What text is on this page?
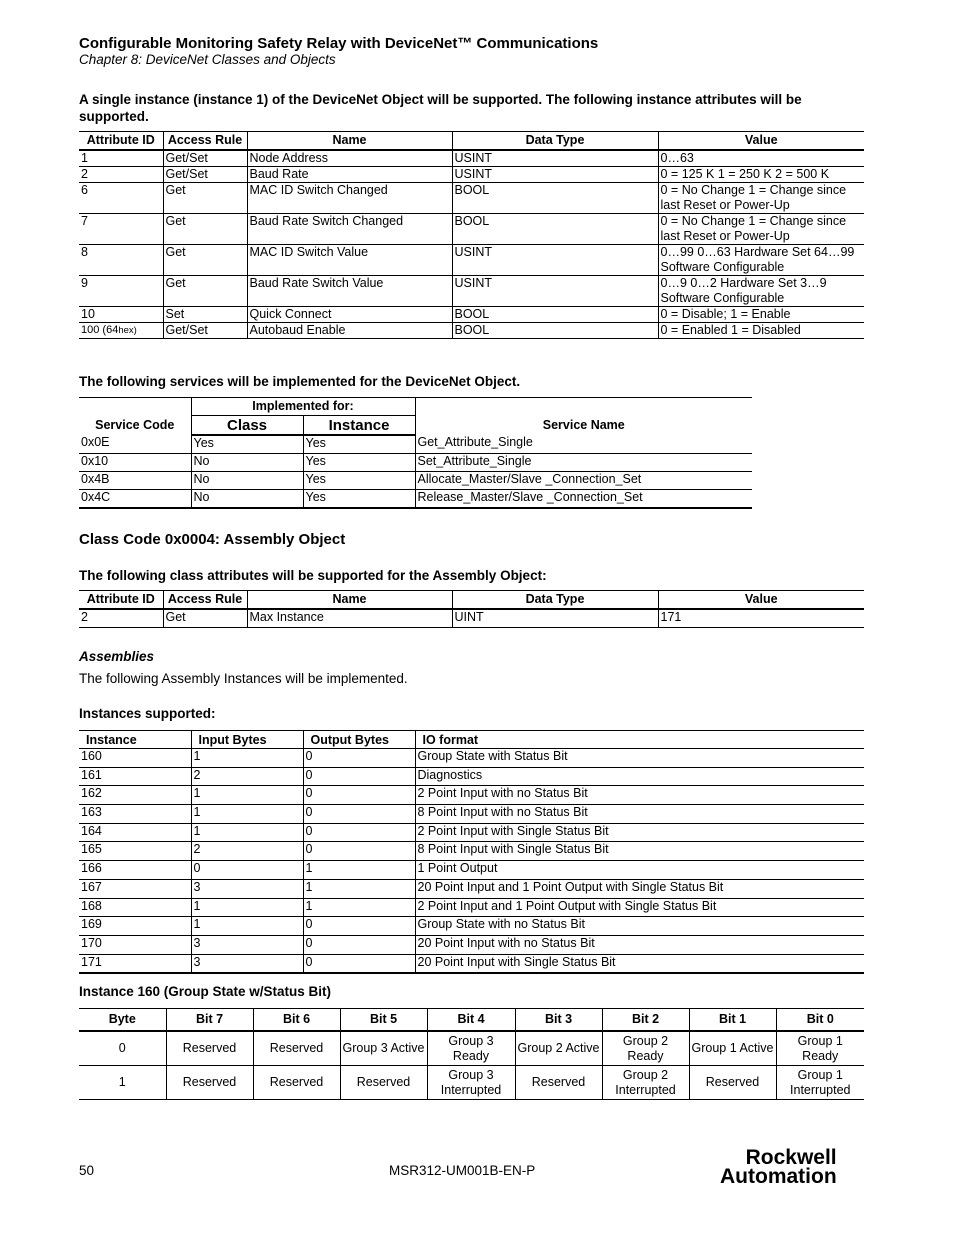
Configurable Monitoring Safety Relay with DeviceNet™ Communications
Chapter 8: DeviceNet Classes and Objects
A single instance (instance 1) of the DeviceNet Object will be supported. The following instance attributes will be supported.
Attribute ID	Access Rule	Name	Data Type	Value
1	Get/Set	Node Address	USINT	0…63
2	Get/Set	Baud Rate	USINT	0 = 125 K 1 = 250 K 2 = 500 K
6	Get	MAC ID Switch Changed	BOOL	0 = No Change 1 = Change since last Reset or Power-Up
7	Get	Baud Rate Switch Changed	BOOL	0 = No Change 1 = Change since last Reset or Power-Up
8	Get	MAC ID Switch Value	USINT	0…99 0…63 Hardware Set 64…99 Software Configurable
9	Get	Baud Rate Switch Value	USINT	0…9 0…2 Hardware Set 3…9 Software Configurable
10	Set	Quick Connect	BOOL	0 = Disable; 1 = Enable
100 (64hex)	Get/Set	Autobaud Enable	BOOL	0 = Enabled 1 = Disabled
The following services will be implemented for the DeviceNet Object.
Service Code	Implemented for:		Service Name
	Class	Instance	
0x0E	Yes	Yes	Get_Attribute_Single
0x10	No	Yes	Set_Attribute_Single
0x4B	No	Yes	Allocate_Master/Slave _Connection_Set
0x4C	No	Yes	Release_Master/Slave _Connection_Set
Class Code 0x0004: Assembly Object
The following class attributes will be supported for the Assembly Object:
Attribute ID	Access Rule	Name	Data Type	Value
2	Get	Max Instance	UINT	171
Assemblies
The following Assembly Instances will be implemented.
Instances supported:
Instance	Input Bytes	Output Bytes	IO format
160	1	0	Group State with Status Bit
161	2	0	Diagnostics
162	1	0	2 Point Input with no Status Bit
163	1	0	8 Point Input with no Status Bit
164	1	0	2 Point Input with Single Status Bit
165	2	0	8 Point Input with Single Status Bit
166	0	1	1 Point Output
167	3	1	20 Point Input and 1 Point Output with Single Status Bit
168	1	1	2 Point Input and 1 Point Output with Single Status Bit
169	1	0	Group State with no Status Bit
170	3	0	20 Point Input with no Status Bit
171	3	0	20 Point Input with Single Status Bit
Instance 160 (Group State w/Status Bit)
Byte	Bit 7	Bit 6	Bit 5	Bit 4	Bit 3	Bit 2	Bit 1	Bit 0
0	Reserved	Reserved	Group 3 Active	Group 3 Ready	Group 2 Active	Group 2 Ready	Group 1 Active	Group 1 Ready
1	Reserved	Reserved	Reserved	Group 3 Interrupted	Reserved	Group 2 Interrupted	Reserved	Group 1 Interrupted
50	MSR312-UM001B-EN-P
Rockwell
Automation
